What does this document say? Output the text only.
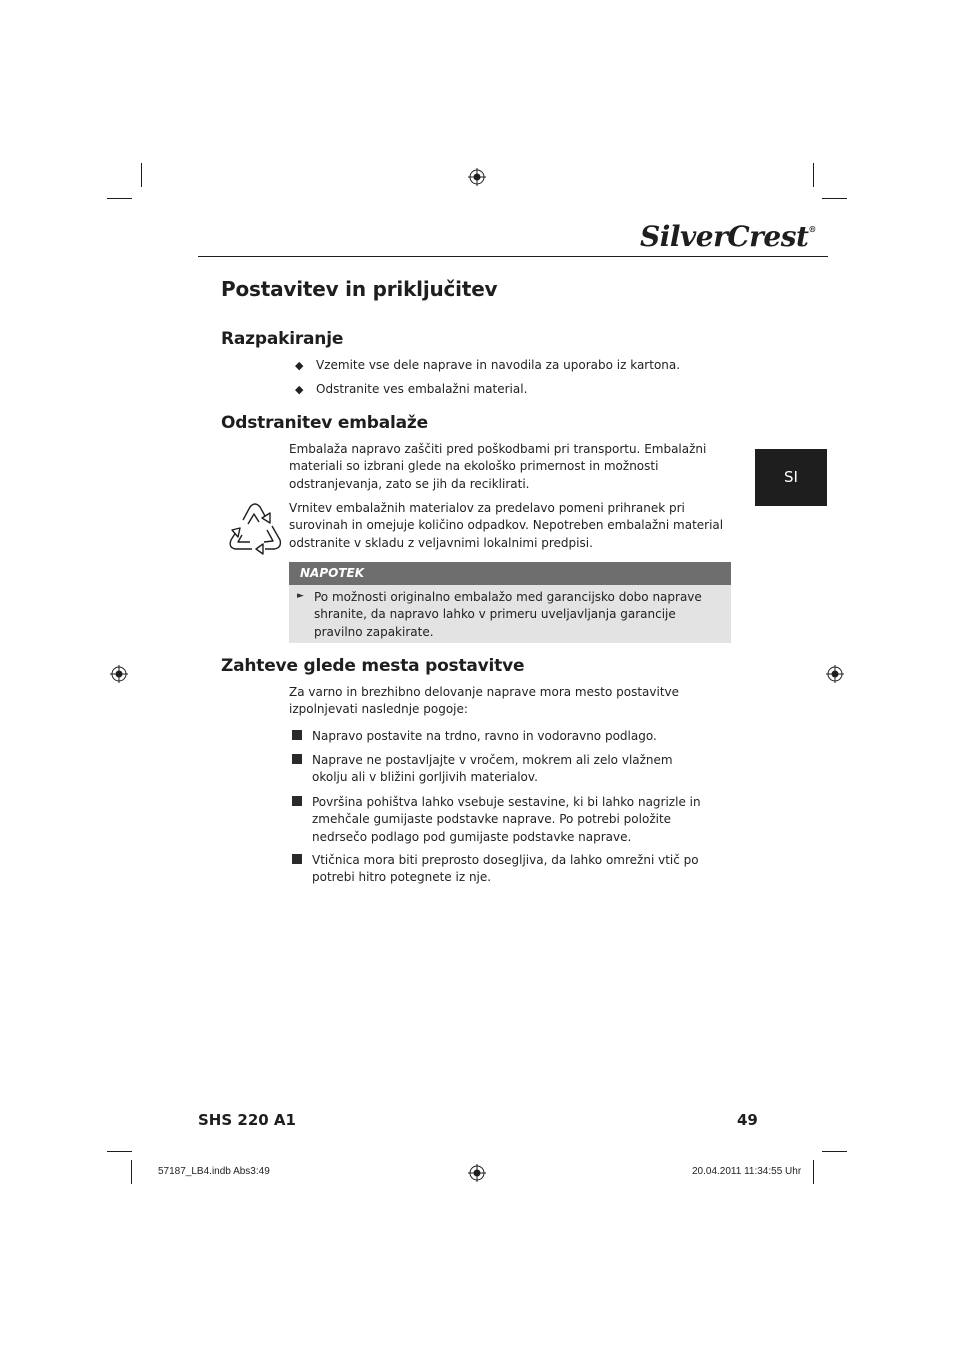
SilverCrest®
Postavitev in priključitev
SI
Razpakiranje
◆ Vzemite vse dele naprave in navodila za uporabo iz kartona.
◆ Odstranite ves embalažni material.
Odstranitev embalaže
Embalaža napravo zaščiti pred poškodbami pri transportu. Embalažni materiali so izbrani glede na ekološko primernost in možnosti odstranjevanja, zato se jih da reciklirati.
Vrnitev embalažnih materialov za predelavo pomeni prihranek pri surovinah in omejuje količino odpadkov. Nepotreben embalažni material odstranite v skladu z veljavnimi lokalnimi predpisi.
NAPOTEK
► Po možnosti originalno embalažo med garancijsko dobo naprave shranite, da napravo lahko v primeru uveljavljanja garancije pravilno zapakirate.
Zahteve glede mesta postavitve
Za varno in brezhibno delovanje naprave mora mesto postavitve izpolnjevati naslednje pogoje:
Napravo postavite na trdno, ravno in vodoravno podlago.
Naprave ne postavljajte v vročem, mokrem ali zelo vlažnem okolju ali v bližini gorljivih materialov.
Površina pohištva lahko vsebuje sestavine, ki bi lahko nagrizle in zmehčale gumijaste podstavke naprave. Po potrebi položite nedrsečo podlago pod gumijaste podstavke naprave.
Vtičnica mora biti preprosto dosegljiva, da lahko omrežni vtič po potrebi hitro potegnete iz nje.
SHS 220 A1	49
57187_LB4.indb Abs3:49	20.04.2011 11:34:55 Uhr
